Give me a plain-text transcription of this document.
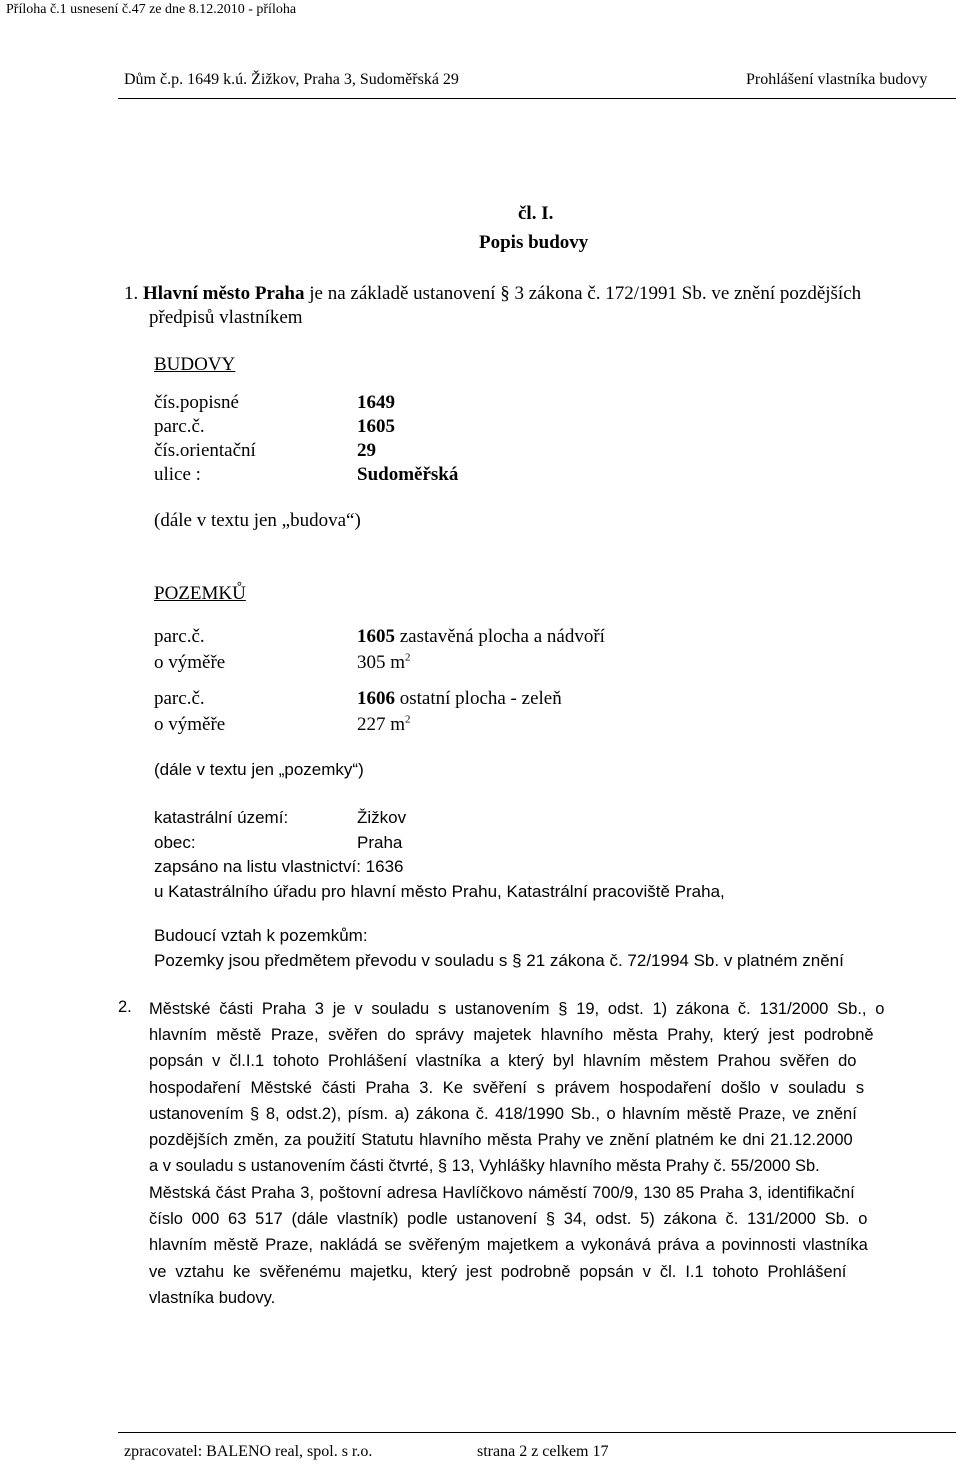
Příloha č.1 usnesení č.47 ze dne 8.12.2010 - příloha
Dům č.p. 1649 k.ú. Žižkov, Praha 3, Sudoměřská 29	Prohlášení vlastníka budovy
čl. I.
Popis budovy
1. Hlavní město Praha je na základě ustanovení § 3 zákona č. 172/1991 Sb. ve znění pozdějších
předpisů vlastníkem
BUDOVY
čís.popisné	1649
parc.č.	1605
čís.orientační	29
ulice :	Sudoměřská
(dále v textu jen „budova“)
POZEMKŮ
parc.č.	1605 zastavěná plocha a nádvoří
o výměře	305 $m^2$
parc.č.	1606 ostatní plocha - zeleň
o výměře	227 $m^2$
(dále v textu jen „pozemky“)
katastrální území:	Žižkov
obec:	Praha
zapsáno na listu vlastnictví: 1636
u Katastrálního úřadu pro hlavní město Prahu, Katastrální pracoviště Praha,
Budoucí vztah k pozemkům:
Pozemky jsou předmětem převodu v souladu s § 21 zákona č. 72/1994 Sb. v platném znění
2. Městské části Praha 3 je v souladu s ustanovením § 19, odst. 1) zákona č. 131/2000 Sb., o
hlavním městě Praze, svěřen do správy majetek hlavního města Prahy, který jest podrobně
popsán v čl.I.1 tohoto Prohlášení vlastníka a který byl hlavním městem Prahou svěřen do
hospodaření Městské části Praha 3. Ke svěření s právem hospodaření došlo v souladu s
ustanovením § 8, odst.2), písm. a) zákona č. 418/1990 Sb., o hlavním městě Praze, ve znění
pozdějších změn, za použití Statutu hlavního města Prahy ve znění platném ke dni 21.12.2000
a v souladu s ustanovením části čtvrté, § 13, Vyhlášky hlavního města Prahy č. 55/2000 Sb.
Městská část Praha 3, poštovní adresa Havlíčkovo náměstí 700/9, 130 85 Praha 3, identifikační
číslo 000 63 517 (dále vlastník) podle ustanovení § 34, odst. 5) zákona č. 131/2000 Sb. o
hlavním městě Praze, nakládá se svěřeným majetkem a vykonává práva a povinnosti vlastníka
ve vztahu ke svěřenému majetku, který jest podrobně popsán v čl. I.1 tohoto Prohlášení
vlastníka budovy.
zpracovatel: BALENO real, spol. s r.o.	strana 2 z celkem 17
